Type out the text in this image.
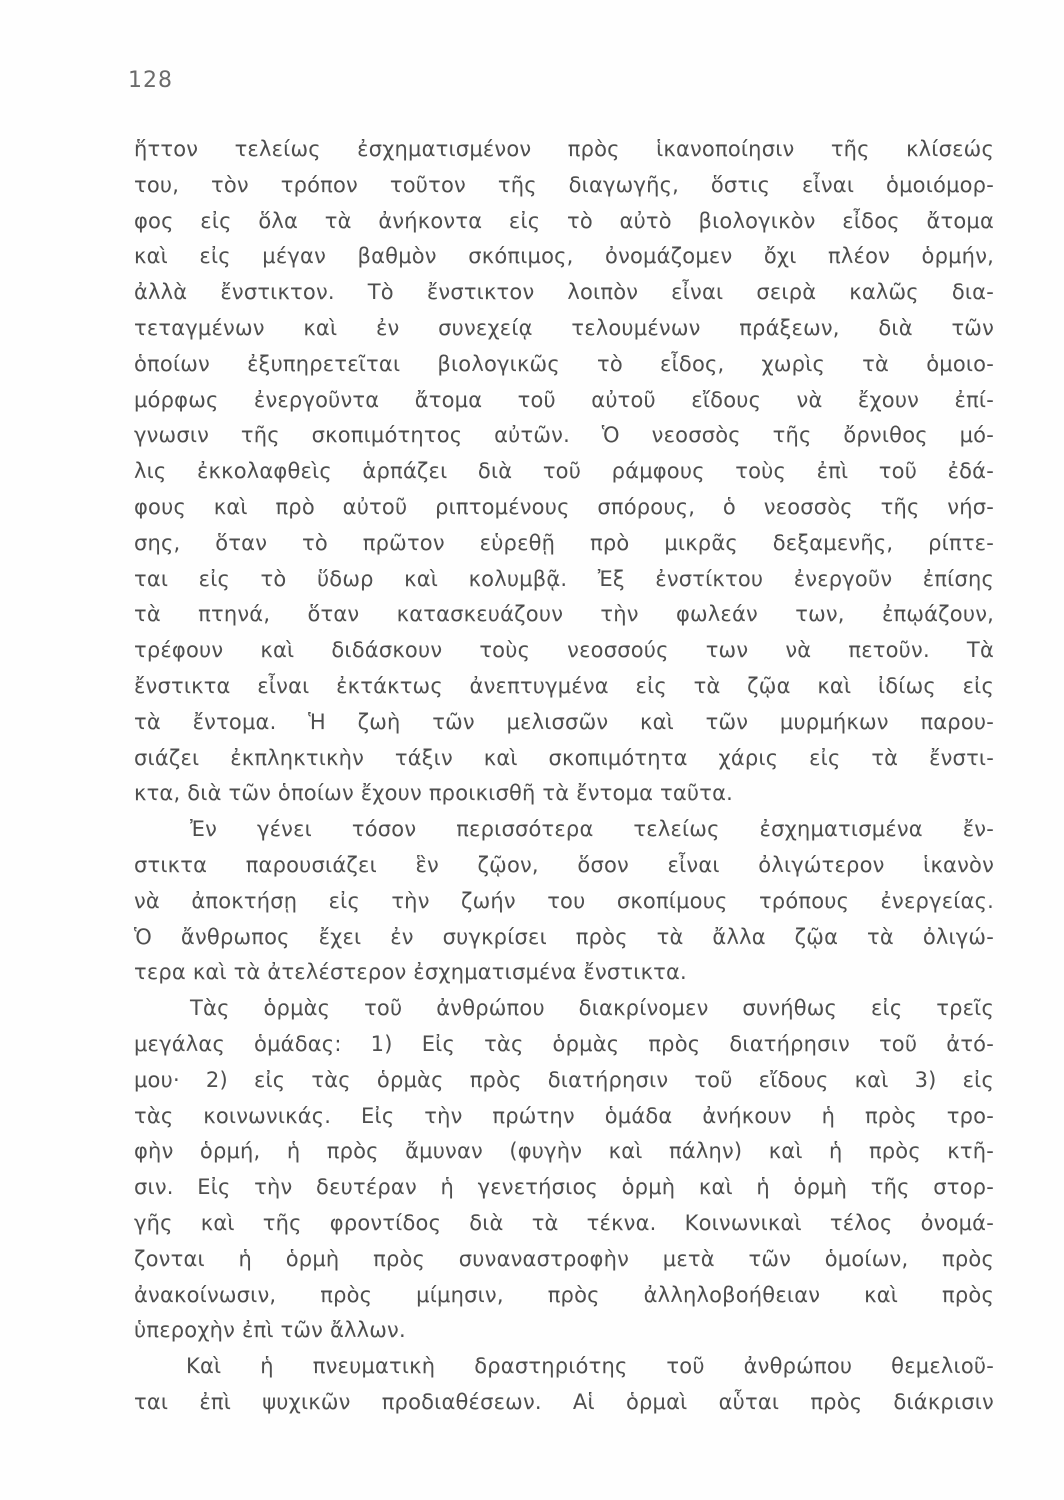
128
ἥττον τελείως ἐσχηματισμένον πρὸς ἱκανοποίησιν τῆς κλίσεώς
του, τὸν τρόπον τοῦτον τῆς διαγωγῆς, ὅστις εἶναι ὁμοιόμορ-
φος εἰς ὅλα τὰ ἀνήκοντα εἰς τὸ αὐτὸ βιολογικὸν εἶδος ἄτομα
καὶ εἰς μέγαν βαθμὸν σκόπιμος, ὀνομάζομεν ὄχι πλέον ὁρμήν,
ἀλλὰ ἔνστικτον. Τὸ ἔνστικτον λοιπὸν εἶναι σειρὰ καλῶς δια-
τεταγμένων καὶ ἐν συνεχείᾳ τελουμένων πράξεων, διὰ τῶν
ὁποίων ἐξυπηρετεῖται βιολογικῶς τὸ εἶδος, χωρὶς τὰ ὁμοιο-
μόρφως ἐνεργοῦντα ἄτομα τοῦ αὐτοῦ εἴδους νὰ ἔχουν ἐπί-
γνωσιν τῆς σκοπιμότητος αὐτῶν. Ὁ νεοσσὸς τῆς ὄρνιθος μό-
λις ἐκκολαφθεὶς ἁρπάζει διὰ τοῦ ράμφους τοὺς ἐπὶ τοῦ ἐδά-
φους καὶ πρὸ αὐτοῦ ριπτομένους σπόρους, ὁ νεοσσὸς τῆς νήσ-
σης, ὅταν τὸ πρῶτον εὑρεθῇ πρὸ μικρᾶς δεξαμενῆς, ρίπτε-
ται εἰς τὸ ὕδωρ καὶ κολυμβᾷ. Ἐξ ἐνστίκτου ἐνεργοῦν ἐπίσης
τὰ πτηνά, ὅταν κατασκευάζουν τὴν φωλεάν των, ἐπῳάζουν,
τρέφουν καὶ διδάσκουν τοὺς νεοσσούς των νὰ πετοῦν. Τὰ
ἔνστικτα εἶναι ἐκτάκτως ἀνεπτυγμένα εἰς τὰ ζῷα καὶ ἰδίως εἰς
τὰ ἔντομα. Ἡ ζωὴ τῶν μελισσῶν καὶ τῶν μυρμήκων παρου-
σιάζει ἐκπληκτικὴν τάξιν καὶ σκοπιμότητα χάρις εἰς τὰ ἔνστι-
κτα, διὰ τῶν ὁποίων ἔχουν προικισθῆ τὰ ἔντομα ταῦτα.
Ἐν γένει τόσον περισσότερα τελείως ἐσχηματισμένα ἔν-
στικτα παρουσιάζει ἓν ζῷον, ὅσον εἶναι ὀλιγώτερον ἱκανὸν
νὰ ἀποκτήσῃ εἰς τὴν ζωήν του σκοπίμους τρόπους ἐνεργείας.
Ὁ ἄνθρωπος ἔχει ἐν συγκρίσει πρὸς τὰ ἄλλα ζῷα τὰ ὀλιγώ-
τερα καὶ τὰ ἀτελέστερον ἐσχηματισμένα ἔνστικτα.
Τὰς ὁρμὰς τοῦ ἀνθρώπου διακρίνομεν συνήθως εἰς τρεῖς
μεγάλας ὁμάδας: 1) Εἰς τὰς ὁρμὰς πρὸς διατήρησιν τοῦ ἀτό-
μου· 2) εἰς τὰς ὁρμὰς πρὸς διατήρησιν τοῦ εἴδους καὶ 3) εἰς
τὰς κοινωνικάς. Εἰς τὴν πρώτην ὁμάδα ἀνήκουν ἡ πρὸς τρο-
φὴν ὁρμή, ἡ πρὸς ἄμυναν (φυγὴν καὶ πάλην) καὶ ἡ πρὸς κτῆ-
σιν. Εἰς τὴν δευτέραν ἡ γενετήσιος ὁρμὴ καὶ ἡ ὁρμὴ τῆς στορ-
γῆς καὶ τῆς φροντίδος διὰ τὰ τέκνα. Κοινωνικαὶ τέλος ὀνομά-
ζονται ἡ ὁρμὴ πρὸς συναναστροφὴν μετὰ τῶν ὁμοίων, πρὸς
ἀνακοίνωσιν, πρὸς μίμησιν, πρὸς ἀλληλοβοήθειαν καὶ πρὸς
ὑπεροχὴν ἐπὶ τῶν ἄλλων.
Καὶ ἡ πνευματικὴ δραστηριότης τοῦ ἀνθρώπου θεμελιοῦ-
ται ἐπὶ ψυχικῶν προδιαθέσεων. Αἱ ὁρμαὶ αὗται πρὸς διάκρισιν
